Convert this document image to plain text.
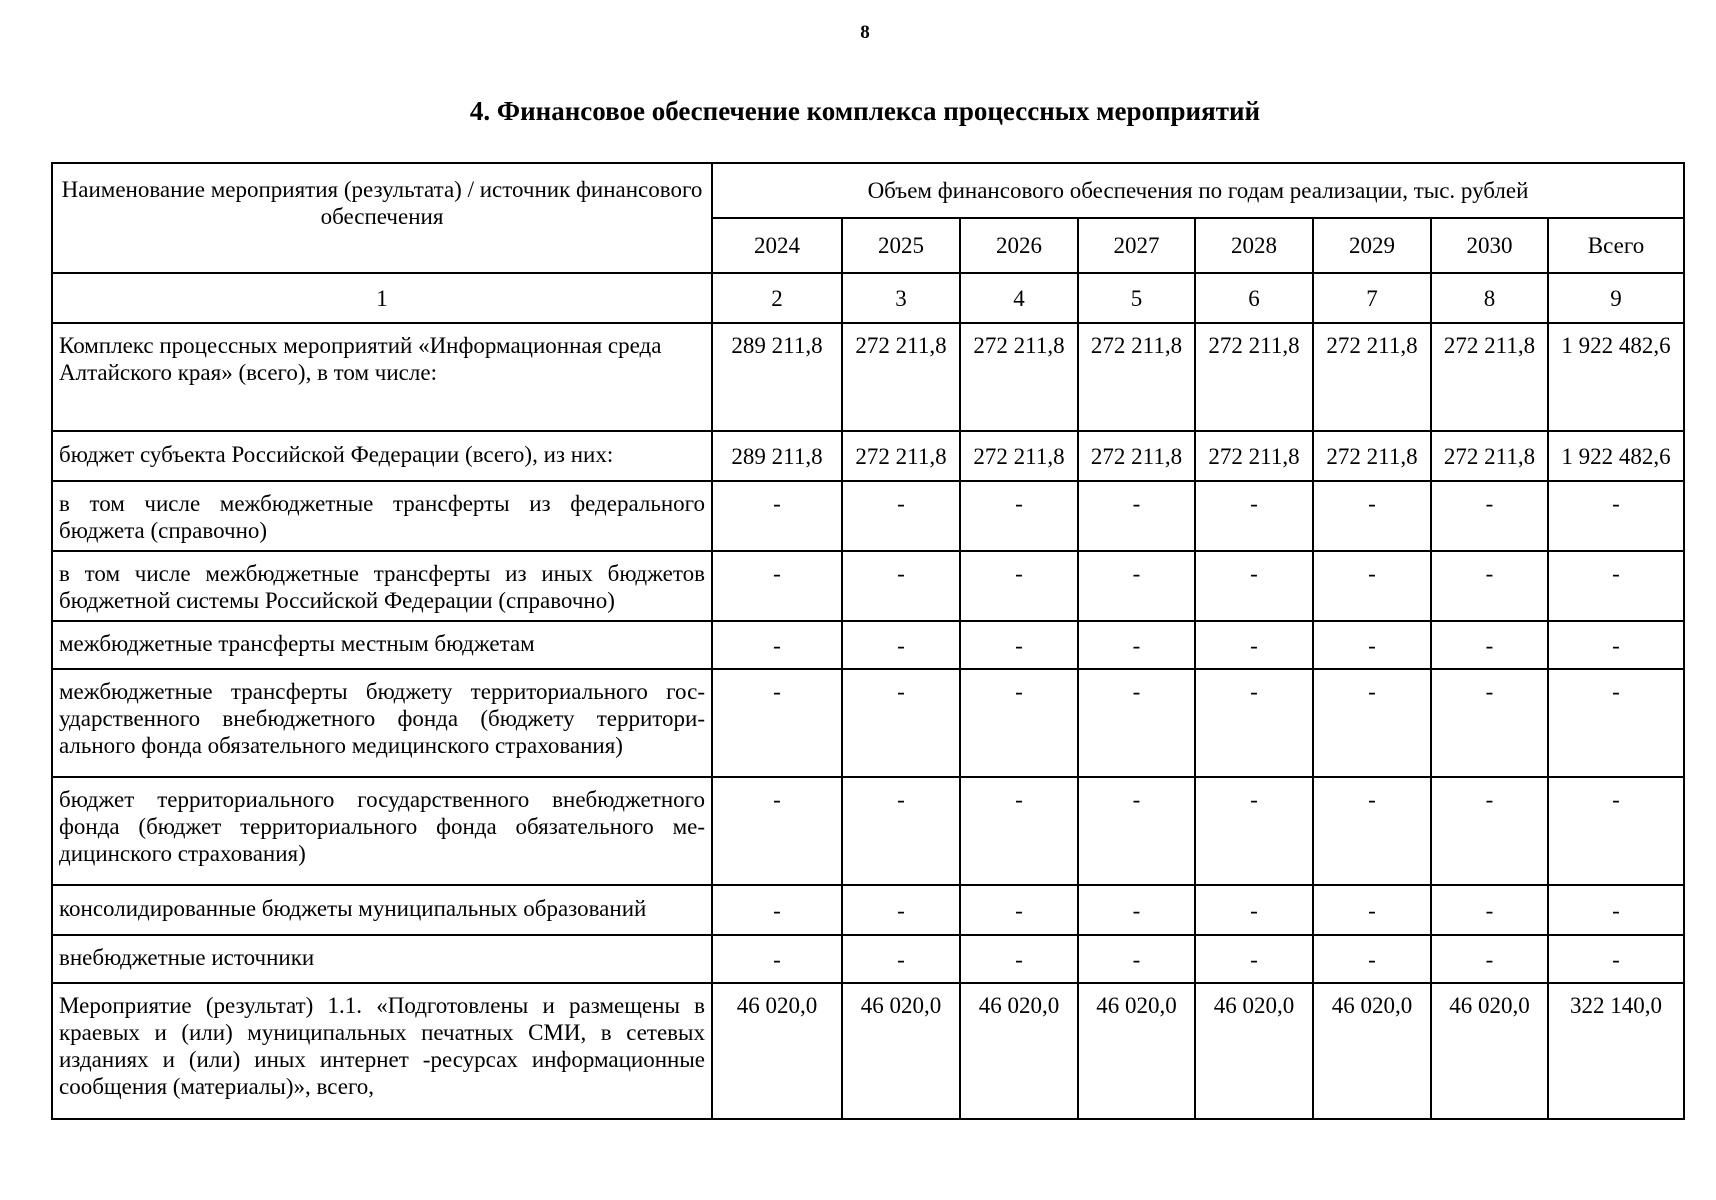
8
4. Финансовое обеспечение комплекса процессных мероприятий
Наименование мероприятия (результата) / источник финансового обеспечения	Объем финансового обеспечения по годам реализации, тыс. рублей							
	2024	2025	2026	2027	2028	2029	2030	Всего
1	2	3	4	5	6	7	8	9
Комплекс процессных мероприятий «Информационная среда Алтайского края» (всего), в том числе:	289 211,8	272 211,8	272 211,8	272 211,8	272 211,8	272 211,8	272 211,8	1 922 482,6
бюджет субъекта Российской Федерации (всего), из них:	289 211,8	272 211,8	272 211,8	272 211,8	272 211,8	272 211,8	272 211,8	1 922 482,6
в том числе межбюджетные трансферты из федерального бюджета (справочно)	-	-	-	-	-	-	-	-
в том числе межбюджетные трансферты из иных бюджетов бюджетной системы Российской Федерации (справочно)	-	-	-	-	-	-	-	-
межбюджетные трансферты местным бюджетам	-	-	-	-	-	-	-	-
межбюджетные трансферты бюджету территориального гос-ударственного внебюджетного фонда (бюджету территори-ального фонда обязательного медицинского страхования)	-	-	-	-	-	-	-	-
бюджет территориального государственного внебюджетного фонда (бюджет территориального фонда обязательного ме-дицинского страхования)	-	-	-	-	-	-	-	-
консолидированные бюджеты муниципальных образований	-	-	-	-	-	-	-	-
внебюджетные источники	-	-	-	-	-	-	-	-
Мероприятие (результат) 1.1. «Подготовлены и размещены в краевых и (или) муниципальных печатных СМИ, в сетевых изданиях и (или) иных интернет -ресурсах информационные сообщения (материалы)», всего,	46 020,0	46 020,0	46 020,0	46 020,0	46 020,0	46 020,0	46 020,0	322 140,0
